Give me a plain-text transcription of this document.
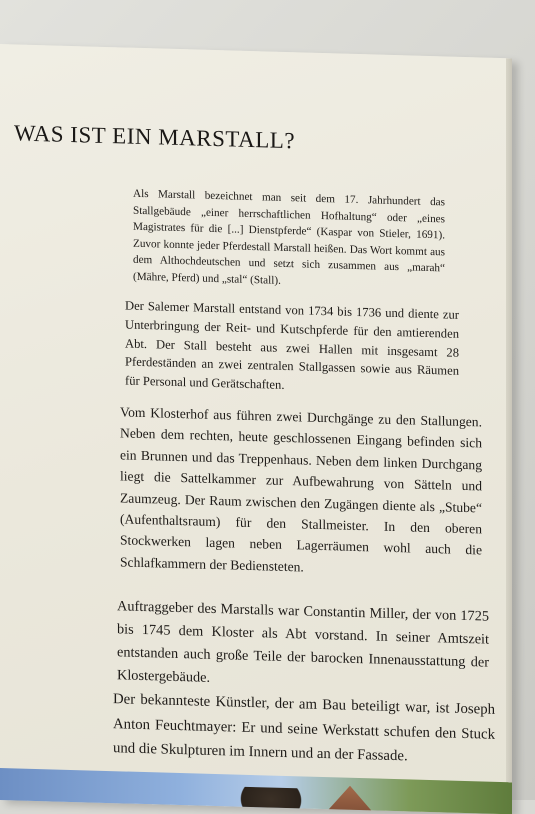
WAS IST EIN MARSTALL?

Als Marstall bezeichnet man seit dem 17. Jahrhundert das Stallgebäude „einer herrschaftlichen Hofhaltung“ oder „eines Magistrates für die [...] Dienstpferde“ (Kaspar von Stieler, 1691). Zuvor konnte jeder Pferdestall Marstall heißen. Das Wort kommt aus dem Althochdeutschen und setzt sich zusammen aus „marah“ (Mähre, Pferd) und „stal“ (Stall).

Der Salemer Marstall entstand von 1734 bis 1736 und diente zur Unterbringung der Reit- und Kutschpferde für den amtierenden Abt. Der Stall besteht aus zwei Hallen mit insgesamt 28 Pferdeständen an zwei zentralen Stallgassen sowie aus Räumen für Personal und Gerätschaften.

Vom Klosterhof aus führen zwei Durchgänge zu den Stallungen. Neben dem rechten, heute geschlossenen Eingang befinden sich ein Brunnen und das Treppenhaus. Neben dem linken Durchgang liegt die Sattelkammer zur Aufbewahrung von Sätteln und Zaumzeug. Der Raum zwischen den Zugängen diente als „Stube“ (Aufenthaltsraum) für den Stallmeister. In den oberen Stockwerken lagen neben Lagerräumen wohl auch die Schlafkammern der Bediensteten.

Auftraggeber des Marstalls war Constantin Miller, der von 1725 bis 1745 dem Kloster als Abt vorstand. In seiner Amtszeit entstanden auch große Teile der barocken Innenausstattung der Klostergebäude.

Der bekannteste Künstler, der am Bau beteiligt war, ist Joseph Anton Feuchtmayer: Er und seine Werkstatt schufen den Stuck und die Skulpturen im Innern und an der Fassade.
